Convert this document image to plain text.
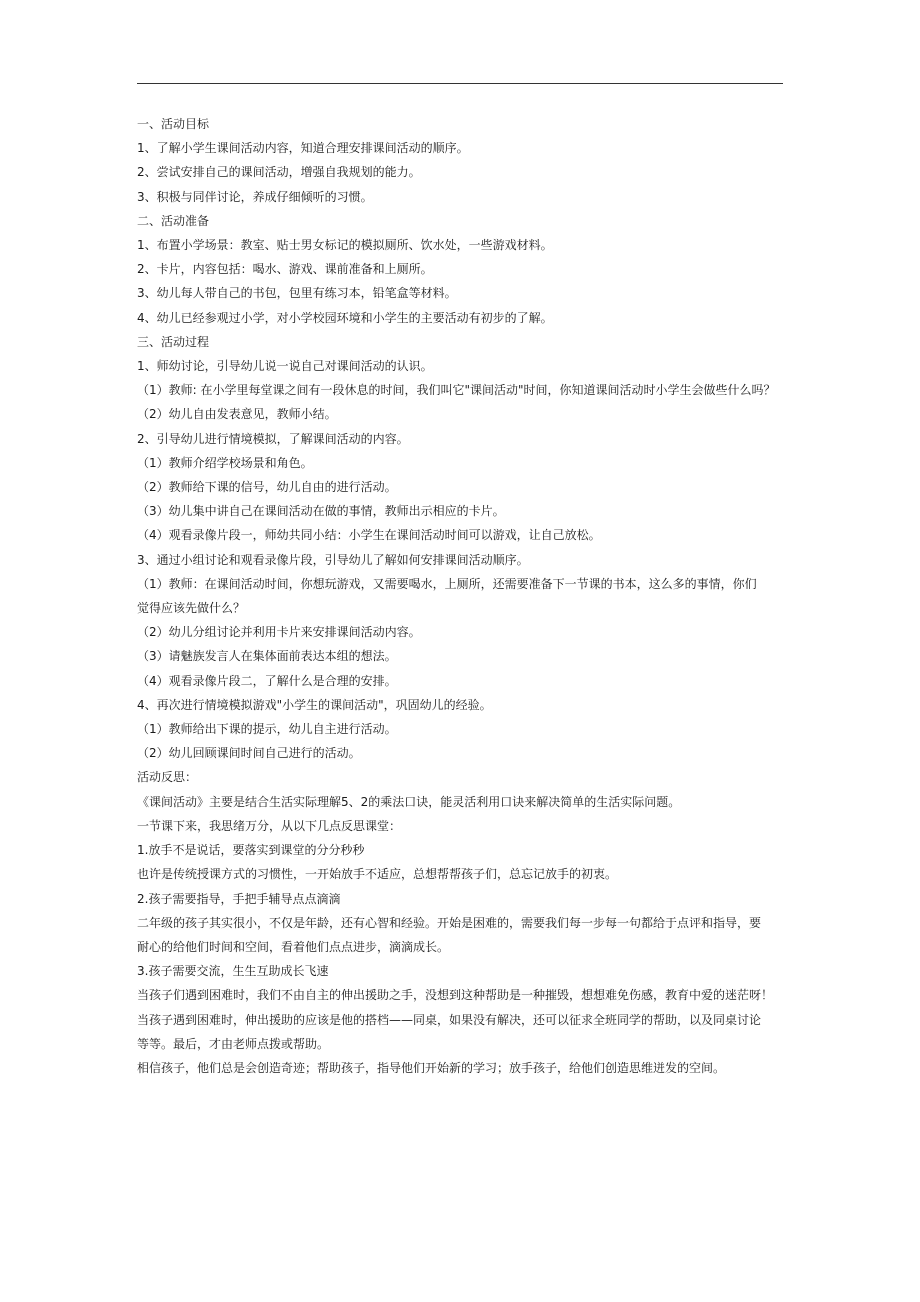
一、活动目标

1、了解小学生课间活动内容，知道合理安排课间活动的顺序。

2、尝试安排自己的课间活动，增强自我规划的能力。

3、积极与同伴讨论，养成仔细倾听的习惯。

二、活动准备

1、布置小学场景：教室、贴士男女标记的模拟厕所、饮水处，一些游戏材料。

2、卡片，内容包括：喝水、游戏、课前准备和上厕所。

3、幼儿每人带自己的书包，包里有练习本，铅笔盒等材料。

4、幼儿已经参观过小学，对小学校园环境和小学生的主要活动有初步的了解。

三、活动过程

1、师幼讨论，引导幼儿说一说自己对课间活动的认识。

（1）教师: 在小学里每堂课之间有一段休息的时间，我们叫它"课间活动"时间，你知道课间活动时小学生会做些什么吗？

（2）幼儿自由发表意见，教师小结。

2、引导幼儿进行情境模拟，了解课间活动的内容。

（1）教师介绍学校场景和角色。

（2）教师给下课的信号，幼儿自由的进行活动。

（3）幼儿集中讲自己在课间活动在做的事情，教师出示相应的卡片。

（4）观看录像片段一，师幼共同小结：小学生在课间活动时间可以游戏，让自己放松。

3、通过小组讨论和观看录像片段，引导幼儿了解如何安排课间活动顺序。

（1）教师：在课间活动时间，你想玩游戏，又需要喝水，上厕所，还需要准备下一节课的书本，这么多的事情，你们

觉得应该先做什么？

（2）幼儿分组讨论并利用卡片来安排课间活动内容。

（3）请魅族发言人在集体面前表达本组的想法。

（4）观看录像片段二，了解什么是合理的安排。

4、再次进行情境模拟游戏"小学生的课间活动"，巩固幼儿的经验。

（1）教师给出下课的提示，幼儿自主进行活动。

（2）幼儿回顾课间时间自己进行的活动。

活动反思：

《课间活动》主要是结合生活实际理解5、2的乘法口诀，能灵活利用口诀来解决简单的生活实际问题。

一节课下来，我思绪万分，从以下几点反思课堂：

1.放手不是说话，要落实到课堂的分分秒秒

也许是传统授课方式的习惯性，一开始放手不适应，总想帮帮孩子们，总忘记放手的初衷。

2.孩子需要指导，手把手辅导点点滴滴

二年级的孩子其实很小，不仅是年龄，还有心智和经验。开始是困难的，需要我们每一步每一句都给于点评和指导，要

耐心的给他们时间和空间，看着他们点点进步，滴滴成长。

3.孩子需要交流，生生互助成长飞速

当孩子们遇到困难时，我们不由自主的伸出援助之手，没想到这种帮助是一种摧毁，想想难免伤感，教育中爱的迷茫呀！

当孩子遇到困难时，伸出援助的应该是他的搭档——同桌，如果没有解决，还可以征求全班同学的帮助，以及同桌讨论

等等。最后，才由老师点拨或帮助。

相信孩子，他们总是会创造奇迹；帮助孩子，指导他们开始新的学习；放手孩子，给他们创造思维迸发的空间。
